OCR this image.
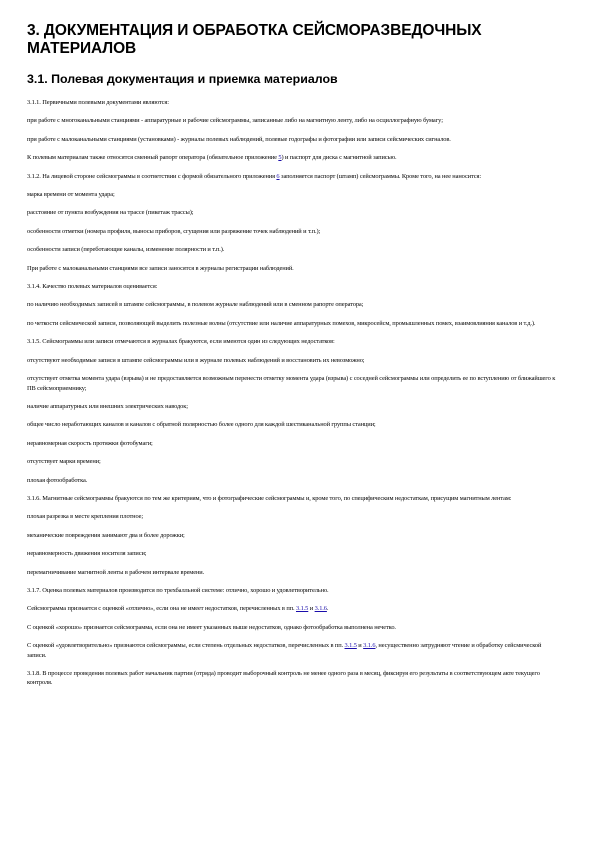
3. ДОКУМЕНТАЦИЯ И ОБРАБОТКА СЕЙСМОРАЗВЕДОЧНЫХ МАТЕРИАЛОВ
3.1. Полевая документация и приемка материалов

3.1.1. Первичными полевыми документами являются:

при работе с многоканальными станциями - аппаратурные и рабочие сейсмограммы, записанные либо на магнитную ленту, либо на осциллографную бумагу;

при работе с малоканальными станциями (установками) - журналы полевых наблюдений, полевые годографы и фотографии или записи сейсмических сигналов.

К полевым материалам также относятся сменный рапорт оператора (обязательное приложение 5) и паспорт для диска с магнитной записью.

3.1.2. На лицевой стороне сейсмограммы в соответствии с формой обязательного приложения 6 заполняется паспорт (штамп) сейсмограммы. Кроме того, на нее наносится:

марка времени от момента удара;

расстояние от пункта возбуждения на трассе (пикетаж трассы);

особенности отметки (номера профиля, выносы приборов, сгущения или разряжение точек наблюдений и т.п.);

особенности записи (переботающие каналы, изменение полярности и т.п.).

При работе с малоканальными станциями все записи заносятся в журналы регистрации наблюдений.

3.1.4. Качество полевых материалов оценивается:

по наличию необходимых записей в штампе сейсмограммы, в полевом журнале наблюдений или в сменном рапорте оператора;

по четкости сейсмической записи, позволяющей выделить полезные волны (отсутствие или наличие аппаратурных помехов, микросейсм, промышленных помех, взаимовлияния каналов и т.д.).

3.1.5. Сейсмограммы или записи отмечаются в журналах бракуются, если имеются один из следующих недостатков:

отсутствуют необходимые записи в штампе сейсмограммы или в журнале полевых наблюдений и восстановить их невозможно;

отсутствует отметка момента удара (взрыва) и не предоставляется возможным перенести отметку момента удара (взрыва) с соседней сейсмограммы или определить ее по вступлению от ближайшего к ПВ сейсмоприемнику;

наличие аппаратурных или внешних электрических наводок;

общее число неработающих каналов и каналов с обратной полярностью более одного для каждой шестиканальной группы станции;

неравномерная скорость протяжки фотобумаги;

отсутствует марки времени;

плохая фотообработка.

3.1.6. Магнитные сейсмограммы бракуются по тем же критериям, что и фотографические сейсмограммы и, кроме того, по специфическим недостаткам, присущим магнитным лентам:

плохая разрезка в месте крепления плотное;

механические повреждения занимают два и более дорожки;

неравномерность движения носителя записи;

перемагничивание магнитной ленты в рабочем интервале времени.

3.1.7. Оценка полевых материалов производится по трехбалльной системе: отлично, хорошо и удовлетворительно.

Сейсмограмма признается с оценкой «отлично», если она не имеет недостатков, перечисленных в пп. 3.1.5 и 3.1.6.

С оценкой «хорошо» признается сейсмограмма, если она не имеет указанных выше недостатков, однако фотообработка выполнена нечетко.

С оценкой «удовлетворительно» признаются сейсмограммы, если степень отдельных недостатков, перечисленных в пп. 3.1.5 и 3.1.6, несущественно затрудняют чтение и обработку сейсмической записи.

3.1.8. В процессе проведения полевых работ начальник партии (отряда) проводит выборочный контроль не менее одного раза в месяц, фиксируя его результаты в соответствующем акте текущего контроля.
